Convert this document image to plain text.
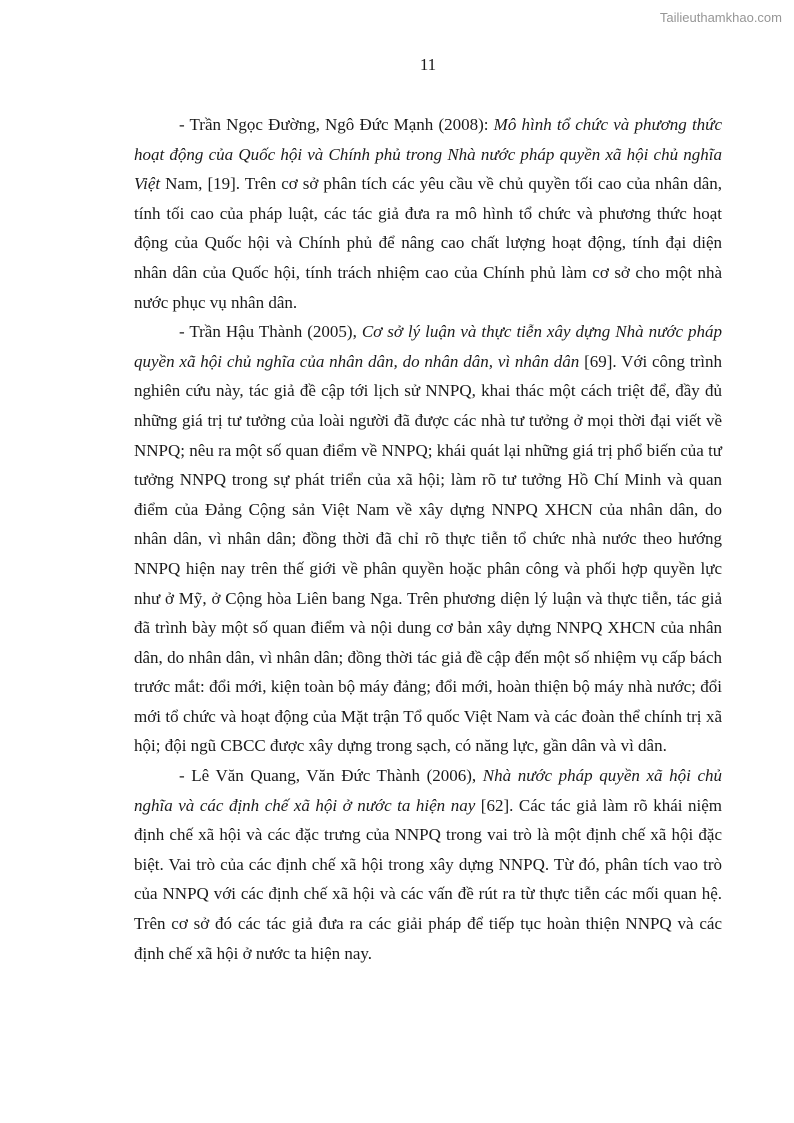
Tailieuthamkhao.com
11

- Trần Ngọc Đường, Ngô Đức Mạnh (2008): Mô hình tổ chức và phương thức hoạt động của Quốc hội và Chính phủ trong Nhà nước pháp quyền xã hội chủ nghĩa Việt Nam, [19]. Trên cơ sở phân tích các yêu cầu về chủ quyền tối cao của nhân dân, tính tối cao của pháp luật, các tác giả đưa ra mô hình tổ chức và phương thức hoạt động của Quốc hội và Chính phủ để nâng cao chất lượng hoạt động, tính đại diện nhân dân của Quốc hội, tính trách nhiệm cao của Chính phủ làm cơ sở cho một nhà nước phục vụ nhân dân.

- Trần Hậu Thành (2005), Cơ sở lý luận và thực tiễn xây dựng Nhà nước pháp quyền xã hội chủ nghĩa của nhân dân, do nhân dân, vì nhân dân [69]. Với công trình nghiên cứu này, tác giả đề cập tới lịch sử NNPQ, khai thác một cách triệt để, đầy đủ những giá trị tư tưởng của loài người đã được các nhà tư tưởng ở mọi thời đại viết về NNPQ; nêu ra một số quan điểm về NNPQ; khái quát lại những giá trị phổ biến của tư tưởng NNPQ trong sự phát triển của xã hội; làm rõ tư tưởng Hồ Chí Minh và quan điểm của Đảng Cộng sản Việt Nam về xây dựng NNPQ XHCN của nhân dân, do nhân dân, vì nhân dân; đồng thời đã chỉ rõ thực tiễn tổ chức nhà nước theo hướng NNPQ hiện nay trên thế giới về phân quyền hoặc phân công và phối hợp quyền lực như ở Mỹ, ở Cộng hòa Liên bang Nga. Trên phương diện lý luận và thực tiễn, tác giả đã trình bày một số quan điểm và nội dung cơ bản xây dựng NNPQ XHCN của nhân dân, do nhân dân, vì nhân dân; đồng thời tác giả đề cập đến một số nhiệm vụ cấp bách trước mắt: đổi mới, kiện toàn bộ máy đảng; đổi mới, hoàn thiện bộ máy nhà nước; đổi mới tổ chức và hoạt động của Mặt trận Tổ quốc Việt Nam và các đoàn thể chính trị xã hội; đội ngũ CBCC được xây dựng trong sạch, có năng lực, gần dân và vì dân.

- Lê Văn Quang, Văn Đức Thành (2006), Nhà nước pháp quyền xã hội chủ nghĩa và các định chế xã hội ở nước ta hiện nay [62]. Các tác giả làm rõ khái niệm định chế xã hội và các đặc trưng của NNPQ trong vai trò là một định chế xã hội đặc biệt. Vai trò của các định chế xã hội trong xây dựng NNPQ. Từ đó, phân tích vao trò của NNPQ với các định chế xã hội và các vấn đề rút ra từ thực tiễn các mối quan hệ. Trên cơ sở đó các tác giả đưa ra các giải pháp để tiếp tục hoàn thiện NNPQ và các định chế xã hội ở nước ta hiện nay.
